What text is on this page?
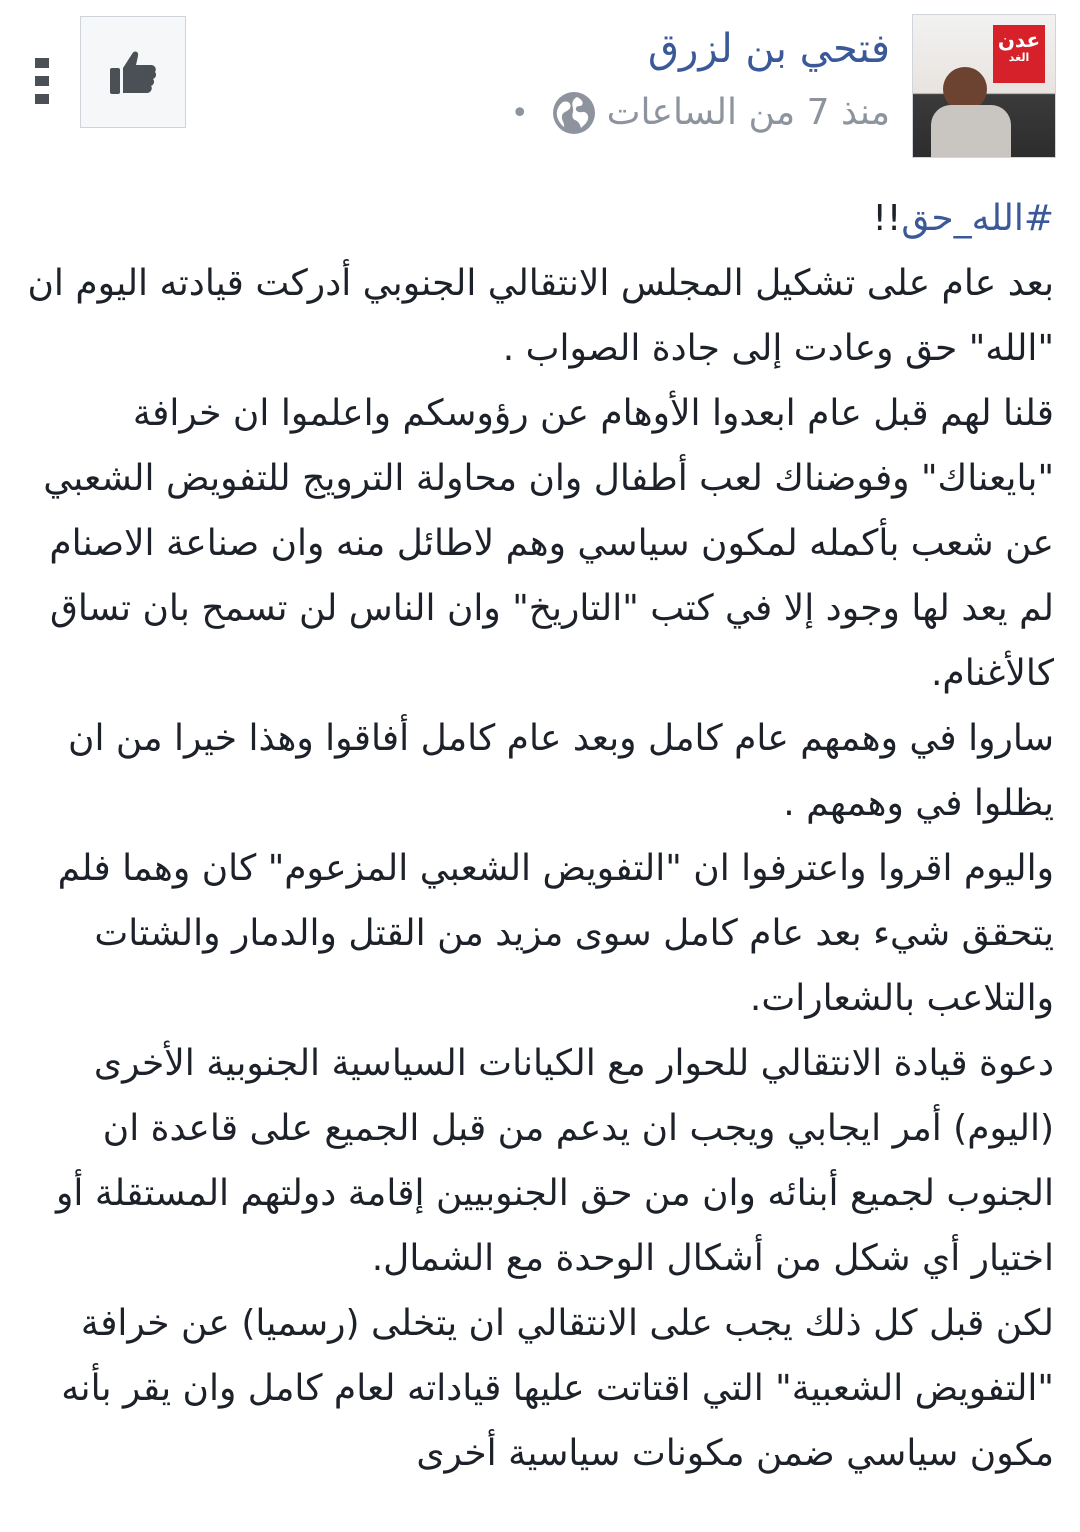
عدن
الغد
فتحي بن لزرق
منذ 7 من الساعات
•

#الله_حق!!

بعد عام على تشكيل المجلس الانتقالي الجنوبي أدركت قيادته اليوم ان "الله" حق وعادت إلى جادة الصواب .

قلنا لهم قبل عام ابعدوا الأوهام عن رؤوسكم واعلموا ان خرافة "بايعناك" وفوضناك لعب أطفال وان محاولة الترويج للتفويض الشعبي عن شعب بأكمله لمكون سياسي وهم لاطائل منه وان صناعة الاصنام لم يعد لها وجود إلا في كتب "التاريخ" وان الناس لن تسمح بان تساق كالأغنام.

ساروا في وهمهم عام كامل وبعد عام كامل أفاقوا وهذا خيرا من ان يظلوا في وهمهم .

واليوم اقروا واعترفوا ان "التفويض الشعبي المزعوم" كان وهما فلم يتحقق شيء بعد عام كامل سوى مزيد من القتل والدمار والشتات والتلاعب بالشعارات.

دعوة قيادة الانتقالي للحوار مع الكيانات السياسية الجنوبية الأخرى (اليوم) أمر ايجابي ويجب ان يدعم من قبل الجميع على قاعدة ان الجنوب لجميع أبنائه وان من حق الجنوبيين إقامة دولتهم المستقلة أو اختيار أي شكل من أشكال الوحدة مع الشمال.

لكن قبل كل ذلك يجب على الانتقالي ان يتخلى (رسميا) عن خرافة "التفويض الشعبية" التي اقتاتت عليها قياداته لعام كامل وان يقر بأنه مكون سياسي ضمن مكونات سياسية أخرى
